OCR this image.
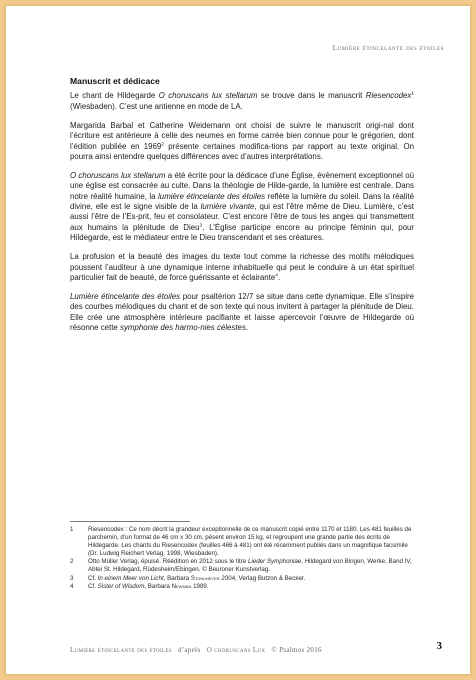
Lumière étincelante des étoiles
Manuscrit et dédicace

Le chant de Hildegarde O choruscans lux stellarum se trouve dans le manuscrit Riesencodex$^1$ (Wiesbaden). C’est une antienne en mode de LA.

Margarida Barbal et Catherine Weidemann ont choisi de suivre le manuscrit origi-nal dont l’écriture est antérieure à celle des neumes en forme carrée bien connue pour le grégorien, dont l’édition publiée en 1969$^2$ présente certaines modifica-tions par rapport au texte original. On pourra ainsi entendre quelques différences avec d’autres interprétations.

O choruscans lux stellarum a été écrite pour la dédicace d’une Église, évènement exceptionnel où une église est consacrée au culte. Dans la théologie de Hilde-garde, la lumière est centrale. Dans notre réalité humaine, la lumière étincelante des étoiles reflète la lumière du soleil. Dans la réalité divine, elle est le signe visible de la lumière vivante, qui est l’être même de Dieu. Lumière, c’est aussi l’être de l’Es-prit, feu et consolateur. C’est encore l’être de tous les anges qui transmettent aux humains la plénitude de Dieu$^3$. L’Église participe encore au principe féminin qui, pour Hildegarde, est le médiateur entre le Dieu transcendant et ses créatures.

La profusion et la beauté des images du texte tout comme la richesse des motifs mélodiques poussent l’auditeur à une dynamique interne inhabituelle qui peut le conduire à un état spirituel particulier fait de beauté, de force guérissante et éclairante$^4$.

Lumière étincelante des étoiles pour psaltérion 12/7 se situe dans cette dynamique. Elle s’inspire des courbes mélodiques du chant et de son texte qui nous invitent à partager la plénitude de Dieu. Elle crée une atmosphère intérieure pacifiante et laisse apercevoir l’œuvre de Hildegarde où résonne cette symphonie des harmo-nies célestes.

1	Riesencodex : Ce nom décrit la grandeur exceptionnelle de ce manuscrit copié entre 1170 et 1180. Les 481 feuilles de parchemin, d’un format de 46 cm x 30 cm, pèsent environ 15 kg, et regroupent une grande partie des écrits de Hildegarde. Les chants du Riesencodex (feuilles 466 à 481) ont été récemment publiés dans un magnifique facsimile (Dr. Ludwig Reichert Verlag, 1998, Wiesbaden).
2	Otto Müller Verlag, épuisé. Réédition en 2012 sous le titre Lieder Symphoniae, Hildegard von Bingen, Werke, Band IV, Abtei St. Hildegard, Rüdesheim/Ebingen. © Beuroner Kunstverlag.
3	Cf. In einem Meer von Licht, Barbara Stühlmeyer 2004, Verlag Butzon & Becker.
4	Cf. Sister of Wisdom, Barbara Newman 1989.
Lumière étincelante des étoiles d’après O choruscans Lux © Psalmos 2016	3
